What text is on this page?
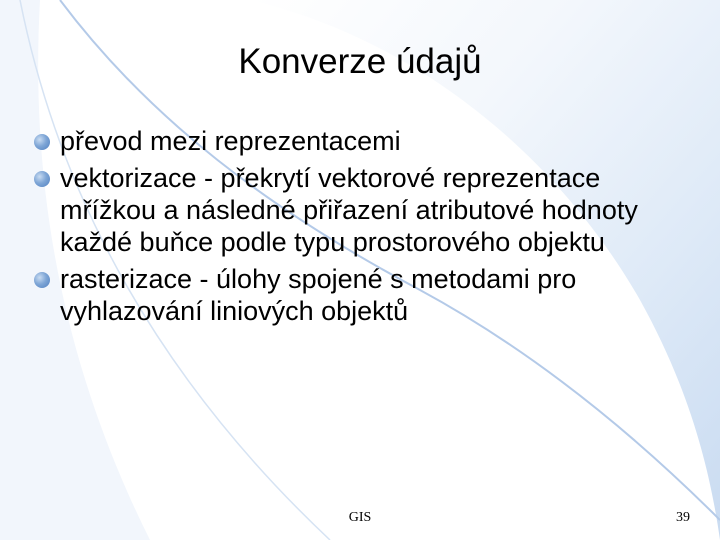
Konverze údajů
převod mezi reprezentacemi
vektorizace - překrytí vektorové reprezentace mřížkou a následné přiřazení atributové hodnoty každé buňce podle typu prostorového objektu
rasterizace - úlohy spojené s metodami pro vyhlazování liniových objektů
GIS	39
